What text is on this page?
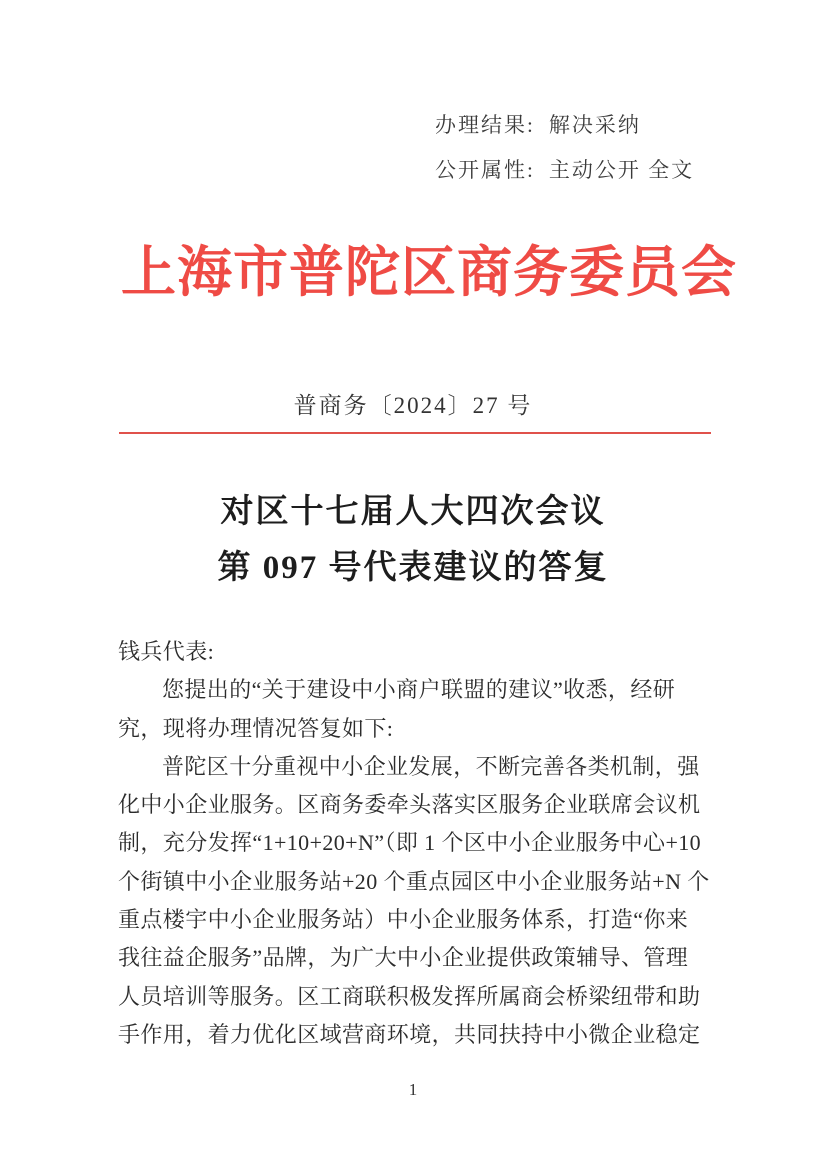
办理结果: 解决采纳
公开属性: 主动公开 全文
上海市普陀区商务委员会
普商务〔2024〕27 号
对区十七届人大四次会议
第 097 号代表建议的答复
钱兵代表:
您提出的“关于建设中小商户联盟的建议”收悉，经研
究，现将办理情况答复如下:
普陀区十分重视中小企业发展，不断完善各类机制，强
化中小企业服务。区商务委牵头落实区服务企业联席会议机
制，充分发挥“1+10+20+N”（即 1 个区中小企业服务中心+10
个街镇中小企业服务站+20 个重点园区中小企业服务站+N 个
重点楼宇中小企业服务站）中小企业服务体系，打造“你来
我往益企服务”品牌，为广大中小企业提供政策辅导、管理
人员培训等服务。区工商联积极发挥所属商会桥梁纽带和助
手作用，着力优化区域营商环境，共同扶持中小微企业稳定
1
